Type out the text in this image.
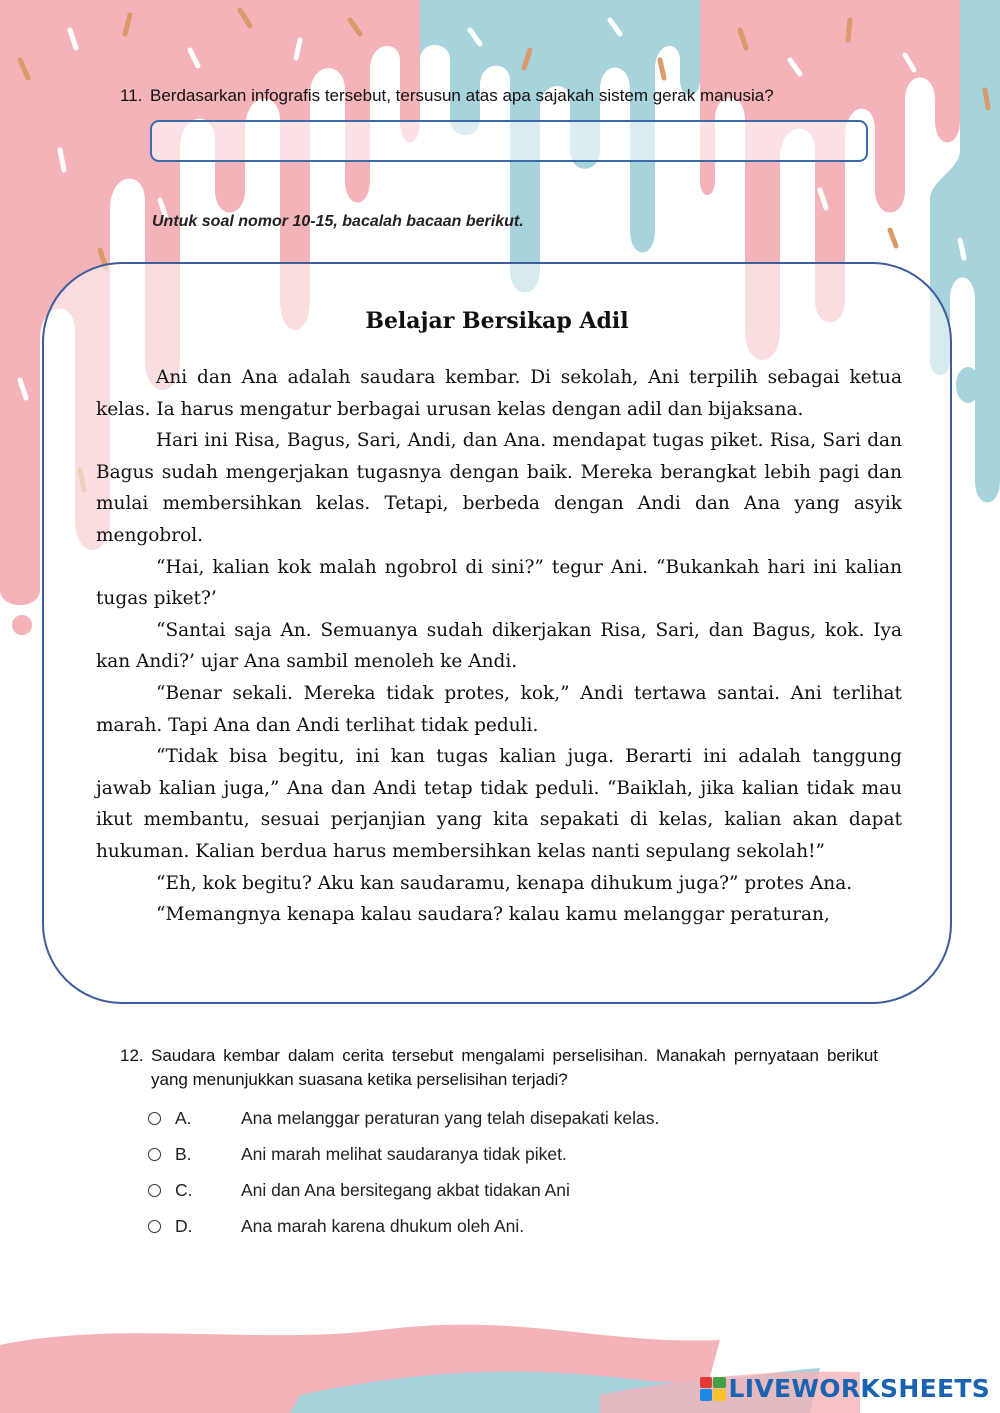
11. Berdasarkan infografis tersebut, tersusun atas apa sajakah sistem gerak manusia?
Untuk soal nomor 10-15, bacalah bacaan berikut.
Belajar Bersikap Adil

Ani dan Ana adalah saudara kembar. Di sekolah, Ani terpilih sebagai ketua kelas. Ia harus mengatur berbagai urusan kelas dengan adil dan bijaksana.

Hari ini Risa, Bagus, Sari, Andi, dan Ana. mendapat tugas piket. Risa, Sari dan Bagus sudah mengerjakan tugasnya dengan baik. Mereka berangkat lebih pagi dan mulai membersihkan kelas. Tetapi, berbeda dengan Andi dan Ana yang asyik mengobrol.

“Hai, kalian kok malah ngobrol di sini?” tegur Ani. “Bukankah hari ini kalian tugas piket?’

“Santai saja An. Semuanya sudah dikerjakan Risa, Sari, dan Bagus, kok. Iya kan Andi?’ ujar Ana sambil menoleh ke Andi.

“Benar sekali. Mereka tidak protes, kok,” Andi tertawa santai. Ani terlihat marah. Tapi Ana dan Andi terlihat tidak peduli.

“Tidak bisa begitu, ini kan tugas kalian juga. Berarti ini adalah tanggung jawab kalian juga,” Ana dan Andi tetap tidak peduli. “Baiklah, jika kalian tidak mau ikut membantu, sesuai perjanjian yang kita sepakati di kelas, kalian akan dapat hukuman. Kalian berdua harus membersihkan kelas nanti sepulang sekolah!”

“Eh, kok begitu? Aku kan saudaramu, kenapa dihukum juga?” protes Ana.

“Memangnya kenapa kalau saudara? kalau kamu melanggar peraturan,

12. Saudara kembar dalam cerita tersebut mengalami perselisihan. Manakah pernyataan berikut yang menunjukkan suasana ketika perselisihan terjadi?
A.	Ana melanggar peraturan yang telah disepakati kelas.
B.	Ani marah melihat saudaranya tidak piket.
C.	Ani dan Ana bersitegang akbat tidakan Ani
D.	Ana marah karena dhukum oleh Ani.
LIVEWORKSHEETS
